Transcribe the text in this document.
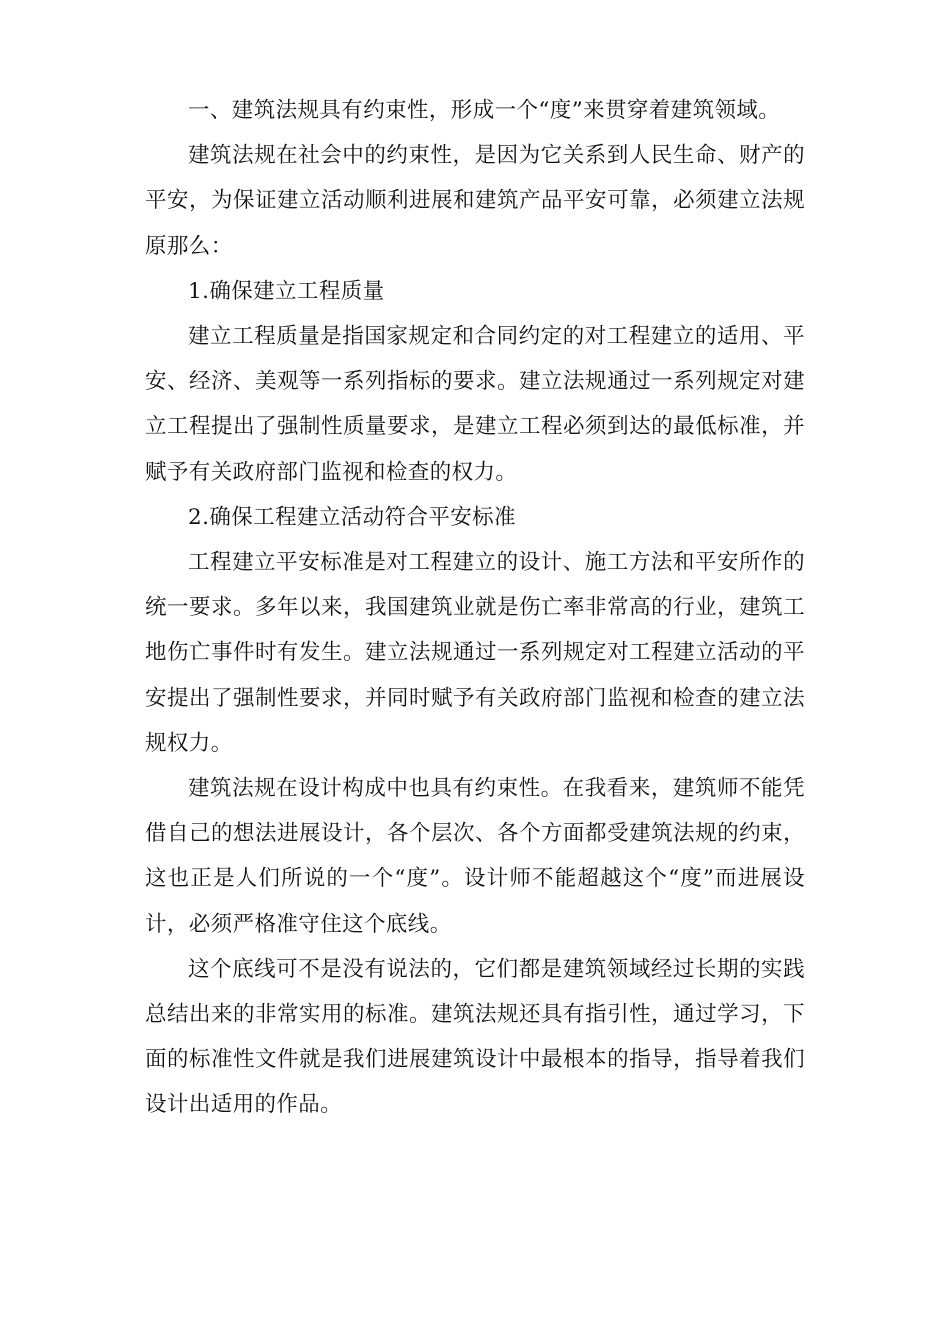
一、建筑法规具有约束性，形成一个“度”来贯穿着建筑领域。

建筑法规在社会中的约束性，是因为它关系到人民生命、财产的平安，为保证建立活动顺利进展和建筑产品平安可靠，必须建立法规原那么：

1.确保建立工程质量

建立工程质量是指国家规定和合同约定的对工程建立的适用、平安、经济、美观等一系列指标的要求。建立法规通过一系列规定对建立工程提出了强制性质量要求，是建立工程必须到达的最低标准，并赋予有关政府部门监视和检查的权力。

2.确保工程建立活动符合平安标准

工程建立平安标准是对工程建立的设计、施工方法和平安所作的统一要求。多年以来，我国建筑业就是伤亡率非常高的行业，建筑工地伤亡事件时有发生。建立法规通过一系列规定对工程建立活动的平安提出了强制性要求，并同时赋予有关政府部门监视和检查的建立法规权力。

建筑法规在设计构成中也具有约束性。在我看来，建筑师不能凭借自己的想法进展设计，各个层次、各个方面都受建筑法规的约束，这也正是人们所说的一个“度”。设计师不能超越这个“度”而进展设计，必须严格准守住这个底线。

这个底线可不是没有说法的，它们都是建筑领域经过长期的实践总结出来的非常实用的标准。建筑法规还具有指引性，通过学习，下面的标准性文件就是我们进展建筑设计中最根本的指导，指导着我们设计出适用的作品。
